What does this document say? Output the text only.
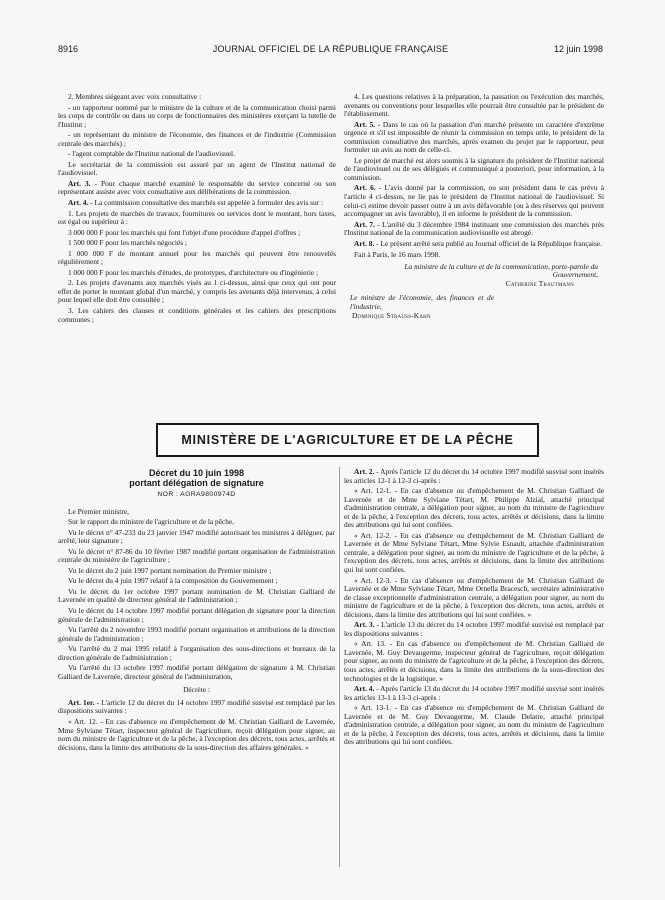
8916	JOURNAL OFFICIEL DE LA RÉPUBLIQUE FRANÇAISE	12 juin 1998

2. Membres siégeant avec voix consultative :

- un rapporteur nommé par le ministre de la culture et de la communication choisi parmi les corps de contrôle ou dans un corps de fonctionnaires des ministères exerçant la tutelle de l'Institut ;

- un représentant du ministre de l'économie, des finances et de l'industrie (Commission centrale des marchés) ;

- l'agent comptable de l'Institut national de l'audiovisuel.

Le secrétariat de la commission est assuré par un agent de l'Institut national de l'audiovisuel.

Art. 3. - Pour chaque marché examiné le responsable du service concerné ou son représentant assiste avec voix consultative aux délibérations de la commission.

Art. 4. - La commission consultative des marchés est appelée à formuler des avis sur :

1. Les projets de marchés de travaux, fournitures ou services dont le montant, hors taxes, est égal ou supérieur à :

3 000 000 F pour les marchés qui font l'objet d'une procédure d'appel d'offres ;

1 500 000 F pour les marchés négociés ;

1 000 000 F de montant annuel pour les marchés qui peuvent être renouvelés régulièrement ;

1 000 000 F pour les marchés d'études, de prototypes, d'architecture ou d'ingénierie ;

2. Les projets d'avenants aux marchés visés au 1 ci-dessus, ainsi que ceux qui ont pour effet de porter le montant global d'un marché, y compris les avenants déjà intervenus, à celui pour lequel elle doit être consultée ;

3. Les cahiers des clauses et conditions générales et les cahiers des prescriptions communes ;

4. Les questions relatives à la préparation, la passation ou l'exécution des marchés, avenants ou conventions pour lesquelles elle pourrait être consultée par le président de l'établissement.

Art. 5. - Dans le cas où la passation d'un marché présente un caractère d'extrême urgence et s'il est impossible de réunir la commission en temps utile, le président de la commission consultative des marchés, après examen du projet par le rapporteur, peut formuler un avis au nom de celle-ci.

Le projet de marché est alors soumis à la signature du président de l'Institut national de l'audiovisuel ou de ses délégués et communiqué a posteriori, pour information, à la commission.

Art. 6. - L'avis donné par la commission, ou son président dans le cas prévu à l'article 4 ci-dessus, ne lie pas le président de l'Institut national de l'audiovisuel. Si celui-ci estime devoir passer outre à un avis défavorable (ou à des réserves qui peuvent accompagner un avis favorable), il en informe le président de la commission.

Art. 7. - L'arrêté du 3 décembre 1984 instituant une commission des marchés près l'Institut national de la communication audiovisuelle est abrogé.

Art. 8. - Le présent arrêté sera publié au Journal officiel de la République française.

Fait à Paris, le 16 mars 1998.

La ministre de la culture et de la communication, porte-parole du Gouvernement,

Catherine Trautmann

Le ministre de l'économie, des finances et de l'industrie,

Dominique Strauss-Kahn

MINISTÈRE DE L'AGRICULTURE ET DE LA PÊCHE

Décret du 10 juin 1998

portant délégation de signature

NOR : AGRA9800974D

Le Premier ministre,

Sur le rapport du ministre de l'agriculture et de la pêche,

Vu le décret n° 47-233 du 23 janvier 1947 modifié autorisant les ministres à déléguer, par arrêté, leur signature ;

Vu le décret n° 87-86 du 10 février 1987 modifié portant organisation de l'administration centrale du ministère de l'agriculture ;

Vu le décret du 2 juin 1997 portant nomination du Premier ministre ;

Vu le décret du 4 juin 1997 relatif à la composition du Gouvernement ;

Vu le décret du 1er octobre 1997 portant nomination de M. Christian Galliard de Lavernée en qualité de directeur général de l'administration ;

Vu le décret du 14 octobre 1997 modifié portant délégation de signature pour la direction générale de l'administration ;

Vu l'arrêté du 2 novembre 1993 modifié portant organisation et attributions de la direction générale de l'administration ;

Vu l'arrêté du 2 mai 1995 relatif à l'organisation des sous-directions et bureaux de la direction générale de l'administration ;

Vu l'arrêté du 13 octobre 1997 modifié portant délégation de signature à M. Christian Galliard de Lavernée, directeur général de l'administration,

Décrète :

Art. 1er. - L'article 12 du décret du 14 octobre 1997 modifié susvisé est remplacé par les dispositions suivantes :

« Art. 12. - En cas d'absence ou d'empêchement de M. Christian Galliard de Lavernée, Mme Sylviane Tétart, inspecteur général de l'agriculture, reçoit délégation pour signer, au nom du ministre de l'agriculture et de la pêche, à l'exception des décrets, tous actes, arrêtés et décisions, dans la limite des attributions de la sous-direction des affaires générales. »

Art. 2. - Après l'article 12 du décret du 14 octobre 1997 modifié susvisé sont insérés les articles 12-1 à 12-3 ci-après :

« Art. 12-1. - En cas d'absence ou d'empêchement de M. Christian Galliard de Lavernée et de Mme Sylviane Tétart, M. Philippe Alzial, attaché principal d'administration centrale, a délégation pour signer, au nom du ministre de l'agriculture et de la pêche, à l'exception des décrets, tous actes, arrêtés et décisions, dans la limite des attributions qui lui sont confiées.

« Art. 12-2. - En cas d'absence ou d'empêchement de M. Christian Galliard de Lavernée et de Mme Sylviane Tétart, Mme Sylvie Esnault, attachée d'administration centrale, a délégation pour signer, au nom du ministre de l'agriculture et de la pêche, à l'exception des décrets, tous actes, arrêtés et décisions, dans la limite des attributions qui lui sont confiées.

« Art. 12-3. - En cas d'absence ou d'empêchement de M. Christian Galliard de Lavernée et de Mme Sylviane Tétart, Mme Ornella Bracesch, secrétaire administrative de classe exceptionnelle d'administration centrale, a délégation pour signer, au nom du ministre de l'agriculture et de la pêche, à l'exception des décrets, tous actes, arrêtés et décisions, dans la limite des attributions qui lui sont confiées. »

Art. 3. - L'article 13 du décret du 14 octobre 1997 modifié susvisé est remplacé par les dispositions suivantes :

« Art. 13. - En cas d'absence ou d'empêchement de M. Christian Galliard de Lavernée, M. Guy Devaugerme, inspecteur général de l'agriculture, reçoit délégation pour signer, au nom du ministre de l'agriculture et de la pêche, à l'exception des décrets, tous actes, arrêtés et décisions, dans la limite des attributions de la sous-direction des technologies et de la logistique. »

Art. 4. - Après l'article 13 du décret du 14 octobre 1997 modifié susvisé sont insérés les articles 13-1 à 13-3 ci-après :

« Art. 13-1. - En cas d'absence ou d'empêchement de M. Christian Galliard de Lavernée et de M. Guy Devaugerme, M. Claude Delatre, attaché principal d'administration centrale, a délégation pour signer, au nom du ministre de l'agriculture et de la pêche, à l'exception des décrets, tous actes, arrêtés et décisions, dans la limite des attributions qui lui sont confiées.
